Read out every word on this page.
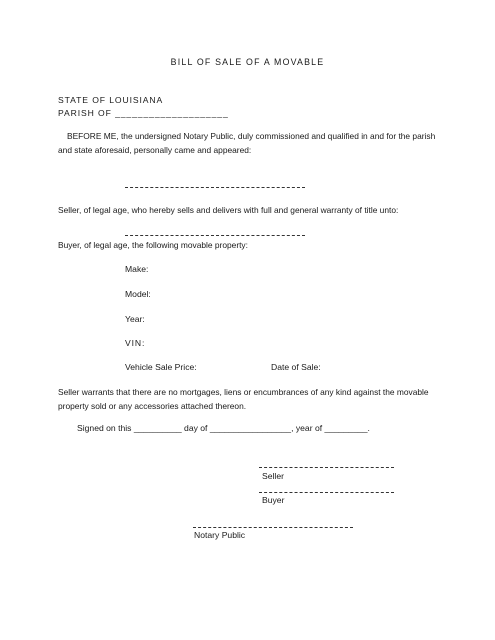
BILL OF SALE OF A MOVABLE
STATE OF LOUISIANA
PARISH OF ____________________
BEFORE ME, the undersigned Notary Public, duly commissioned and qualified in and for the parish and state aforesaid, personally came and appeared:
Seller, of legal age, who hereby sells and delivers with full and general warranty of title unto:
Buyer, of legal age, the following movable property:
Make:
Model:
Year:
VIN:
Vehicle Sale Price:	Date of Sale:
Seller warrants that there are no mortgages, liens or encumbrances of any kind against the movable property sold or any accessories attached thereon.
Signed on this __________ day of _________________, year of _________.
Seller
Buyer
Notary Public
